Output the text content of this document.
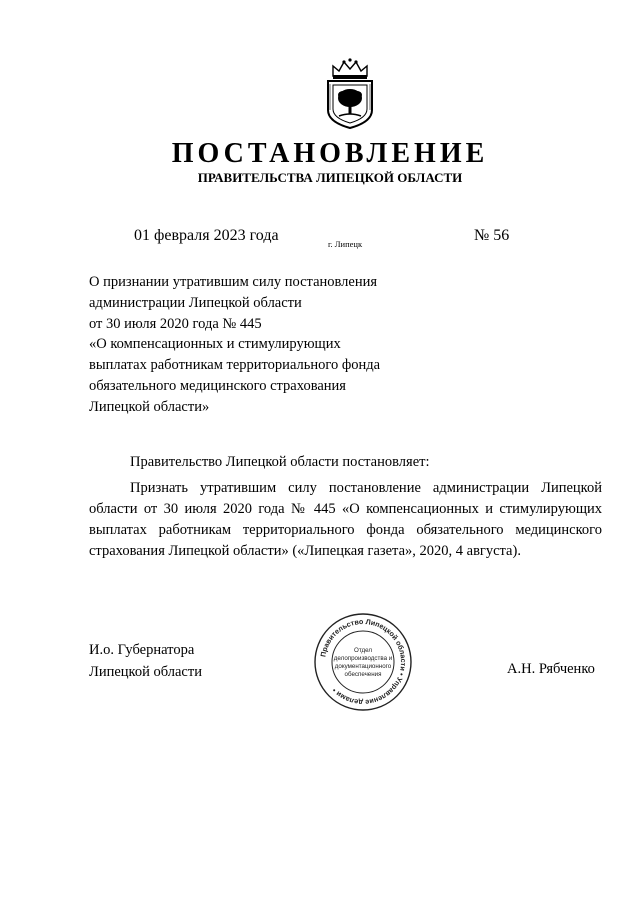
ПОСТАНОВЛЕНИЕ
ПРАВИТЕЛЬСТВА ЛИПЕЦКОЙ ОБЛАСТИ
01 февраля 2023 года	г. Липецк	№ 56
О признании утратившим силу постановления
администрации Липецкой области
от 30 июля 2020 года № 445
«О компенсационных и стимулирующих
выплатах работникам территориального фонда
обязательного медицинского страхования
Липецкой области»
Правительство Липецкой области постановляет:
Признать утратившим силу постановление администрации Липецкой
области от 30 июля 2020 года № 445 «О компенсационных и стимулирующих
выплатах работникам территориального фонда обязательного медицинского
страхования Липецкой области» («Липецкая газета», 2020, 4 августа).
И.о. Губернатора
Липецкой области	А.Н. Рябченко
Правительство Липецкой области • Управление делами •
Отдел
делопроизводства и
документационного
обеспечения
